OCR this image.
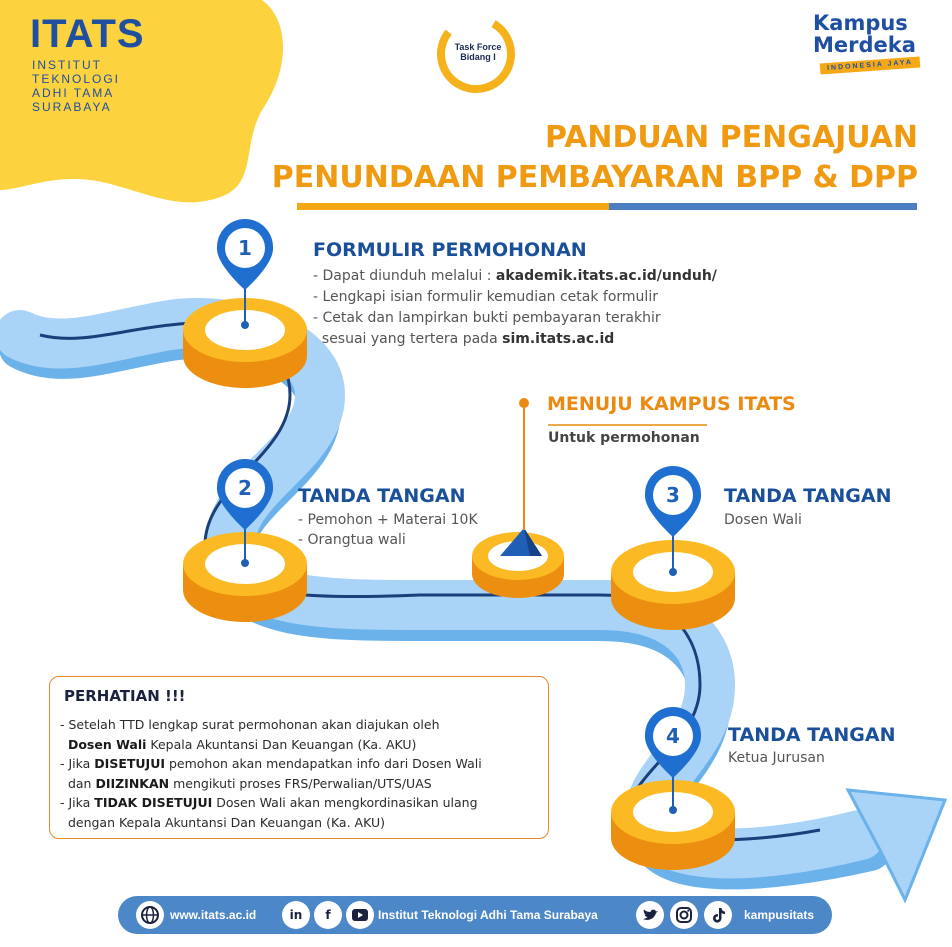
ITATS
INSTITUT
TEKNOLOGI
ADHI TAMA
SURABAYA
Task Force
Bidang I
Kampus
Merdeka
INDONESIA JAYA
PANDUAN PENGAJUAN
PENUNDAAN PEMBAYARAN BPP & DPP
1
2	3
4
FORMULIR PERMOHONAN
- Dapat diunduh melalui : akademik.itats.ac.id/unduh/
- Lengkapi isian formulir kemudian cetak formulir
- Cetak dan lampirkan bukti pembayaran terakhir
sesuai yang tertera pada sim.itats.ac.id
MENUJU KAMPUS ITATS
Untuk permohonan
TANDA TANGAN
- Pemohon + Materai 10K
- Orangtua wali
TANDA TANGAN
Dosen Wali
TANDA TANGAN
Ketua Jurusan
PERHATIAN !!!
- Setelah TTD lengkap surat permohonan akan diajukan oleh
Dosen Wali Kepala Akuntansi Dan Keuangan (Ka. AKU)
- Jika DISETUJUI pemohon akan mendapatkan info dari Dosen Wali
dan DIIZINKAN mengikuti proses FRS/Perwalian/UTS/UAS
- Jika TIDAK DISETUJUI Dosen Wali akan mengkordinasikan ulang
dengan Kepala Akuntansi Dan Keuangan (Ka. AKU)
www.itats.ac.id	in	f	Institut Teknologi Adhi Tama Surabaya	kampusitats
